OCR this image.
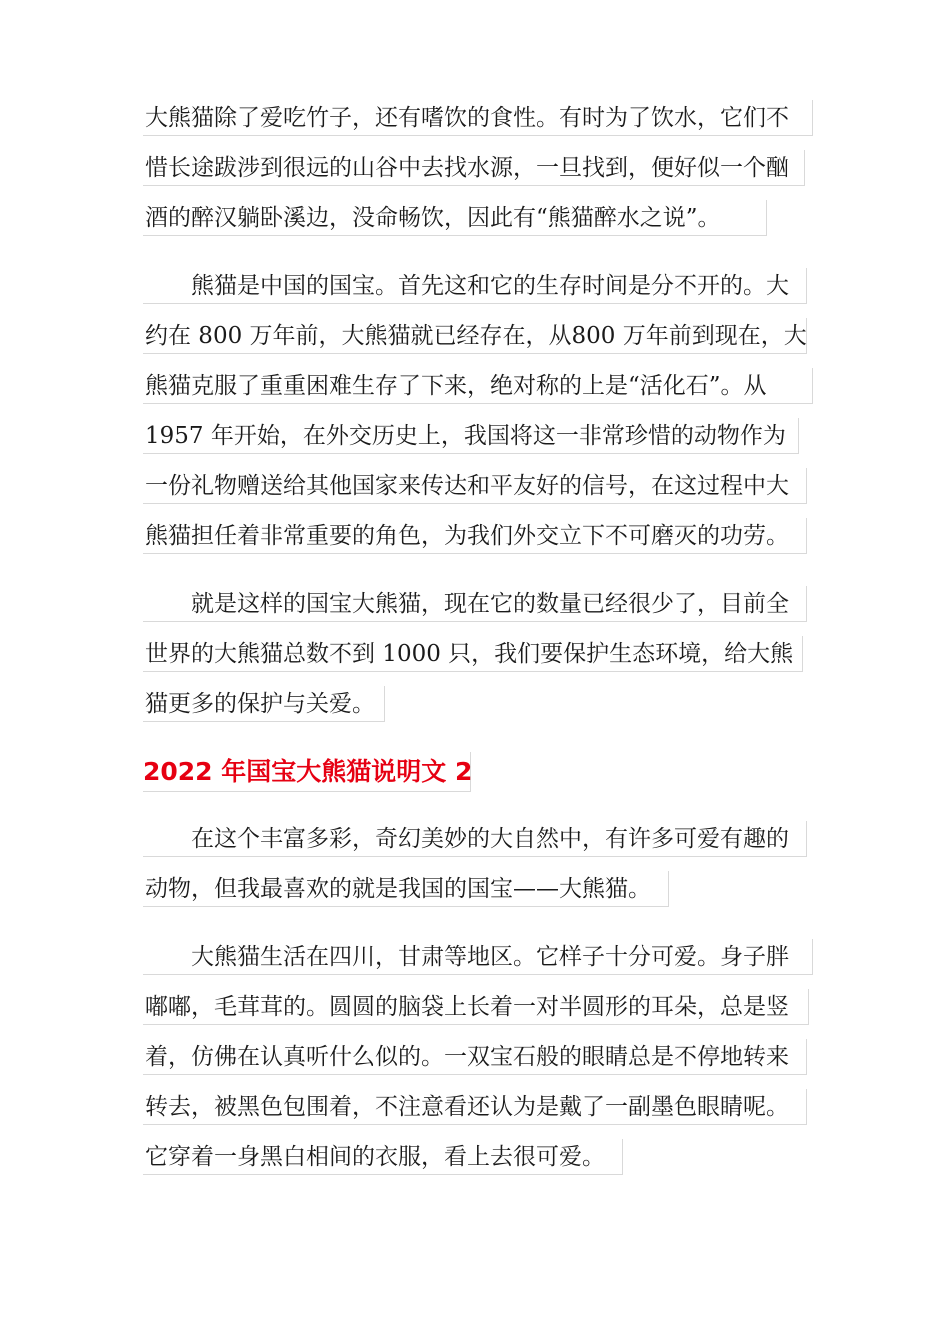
大熊猫除了爱吃竹子，还有嗜饮的食性。有时为了饮水，它们不
惜长途跋涉到很远的山谷中去找水源，一旦找到，便好似一个酗
酒的醉汉躺卧溪边，没命畅饮，因此有“熊猫醉水之说”。
　　熊猫是中国的国宝。首先这和它的生存时间是分不开的。大
约在 800 万年前，大熊猫就已经存在，从800 万年前到现在，大
熊猫克服了重重困难生存了下来，绝对称的上是“活化石”。从
1957 年开始，在外交历史上，我国将这一非常珍惜的动物作为
一份礼物赠送给其他国家来传达和平友好的信号，在这过程中大
熊猫担任着非常重要的角色，为我们外交立下不可磨灭的功劳。
　　就是这样的国宝大熊猫，现在它的数量已经很少了，目前全
世界的大熊猫总数不到 1000 只，我们要保护生态环境，给大熊
猫更多的保护与关爱。
2022 年国宝大熊猫说明文 2
　　在这个丰富多彩，奇幻美妙的大自然中，有许多可爱有趣的
动物，但我最喜欢的就是我国的国宝——大熊猫。
　　大熊猫生活在四川，甘肃等地区。它样子十分可爱。身子胖
嘟嘟，毛茸茸的。圆圆的脑袋上长着一对半圆形的耳朵，总是竖
着，仿佛在认真听什么似的。一双宝石般的眼睛总是不停地转来
转去，被黑色包围着，不注意看还认为是戴了一副墨色眼睛呢。
它穿着一身黑白相间的衣服，看上去很可爱。
